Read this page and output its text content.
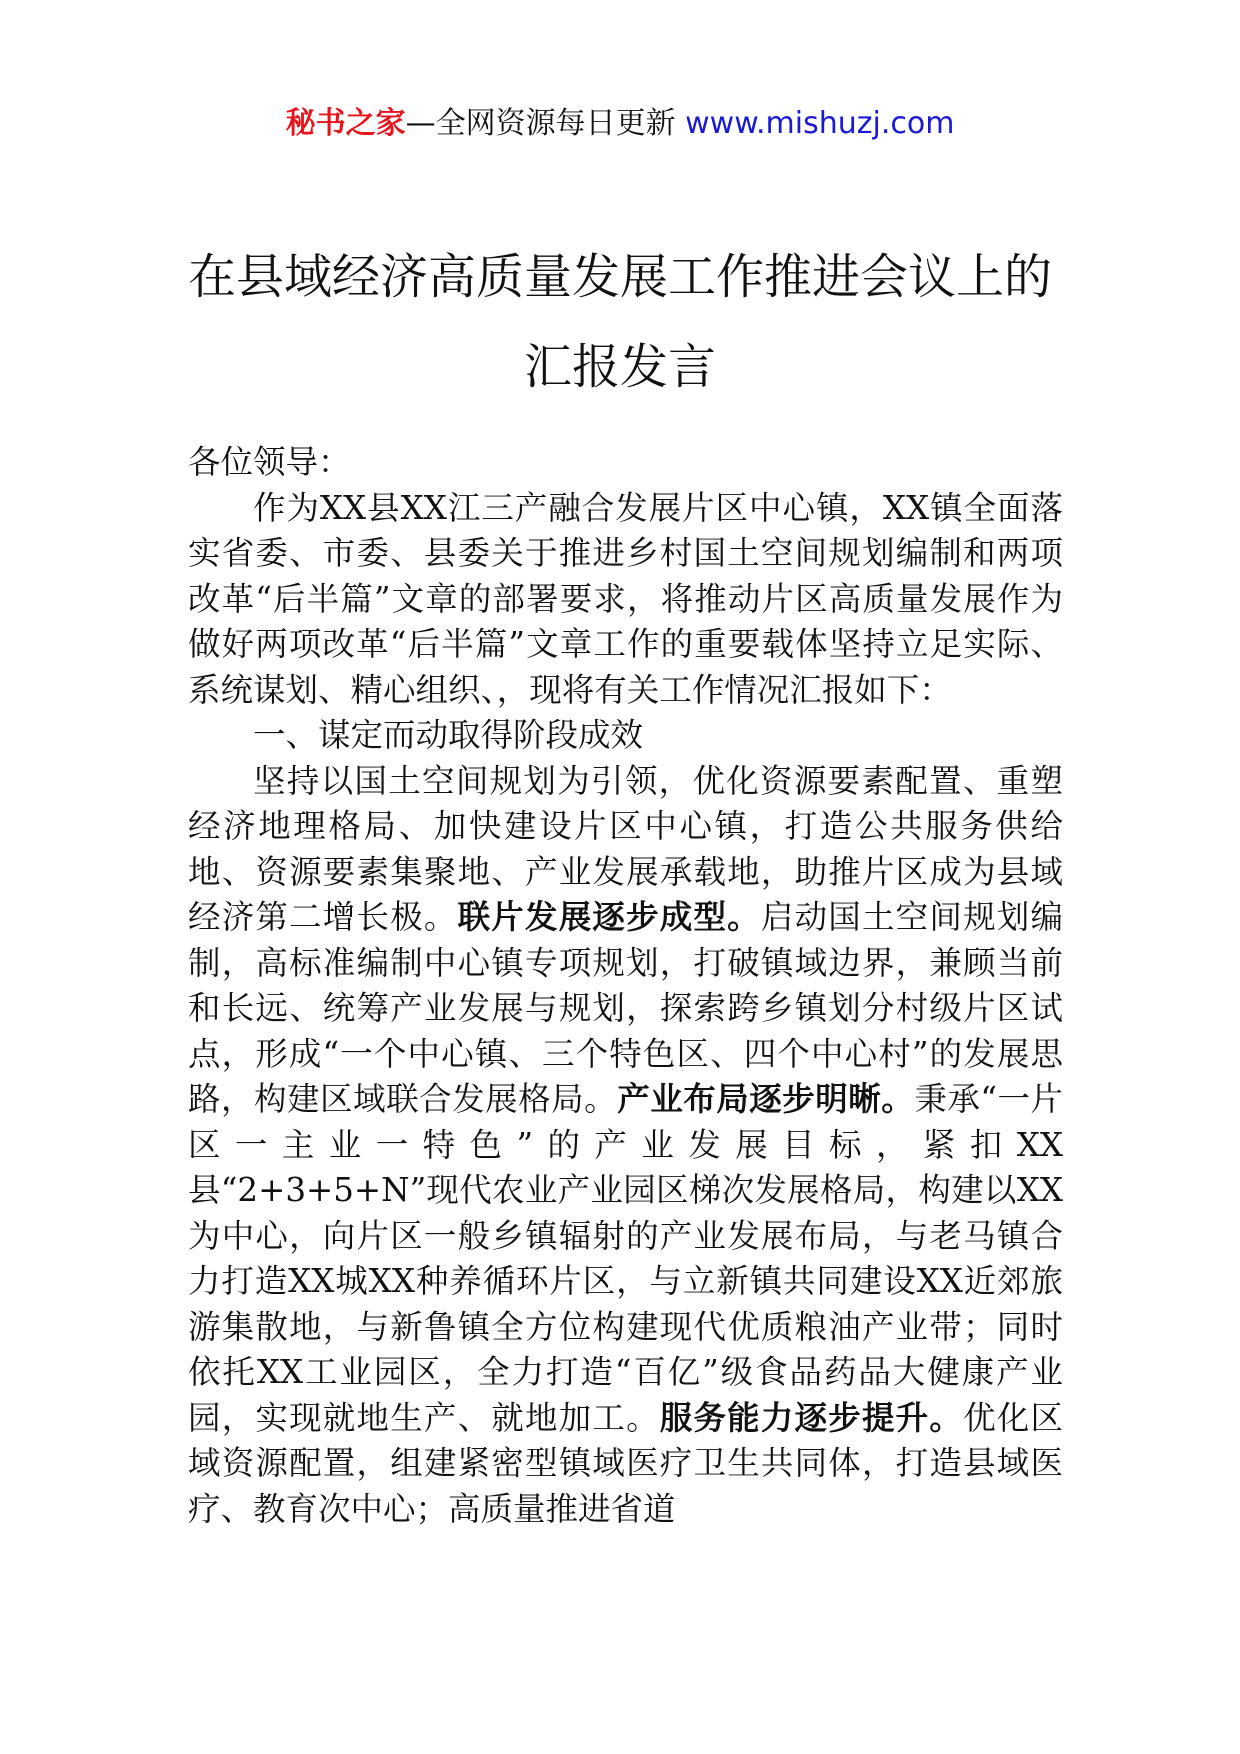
秘书之家—全网资源每日更新 www.mishuzj.com
在县域经济高质量发展工作推进会议上的
汇报发言

各位领导：

作为XX县XX江三产融合发展片区中心镇，XX镇全面落实省委、市委、县委关于推进乡村国土空间规划编制和两项改革“后半篇”文章的部署要求，将推动片区高质量发展作为做好两项改革“后半篇”文章工作的重要载体坚持立足实际、系统谋划、精心组织、，现将有关工作情况汇报如下：

一、谋定而动取得阶段成效

坚持以国土空间规划为引领，优化资源要素配置、重塑经济地理格局、加快建设片区中心镇，打造公共服务供给地、资源要素集聚地、产业发展承载地，助推片区成为县域经济第二增长极。联片发展逐步成型。启动国土空间规划编制，高标准编制中心镇专项规划，打破镇域边界，兼顾当前和长远、统筹产业发展与规划，探索跨乡镇划分村级片区试点，形成“一个中心镇、三个特色区、四个中心村”的发展思路，构建区域联合发展格局。产业布局逐步明晰。秉承“一片区一主业一特色”的产业发展目标，紧扣XX县“2+3+5+N”现代农业产业园区梯次发展格局，构建以XX为中心，向片区一般乡镇辐射的产业发展布局，与老马镇合力打造XX城XX种养循环片区，与立新镇共同建设XX近郊旅游集散地，与新鲁镇全方位构建现代优质粮油产业带；同时依托XX工业园区，全力打造“百亿”级食品药品大健康产业园，实现就地生产、就地加工。服务能力逐步提升。优化区域资源配置，组建紧密型镇域医疗卫生共同体，打造县域医疗、教育次中心；高质量推进省道
